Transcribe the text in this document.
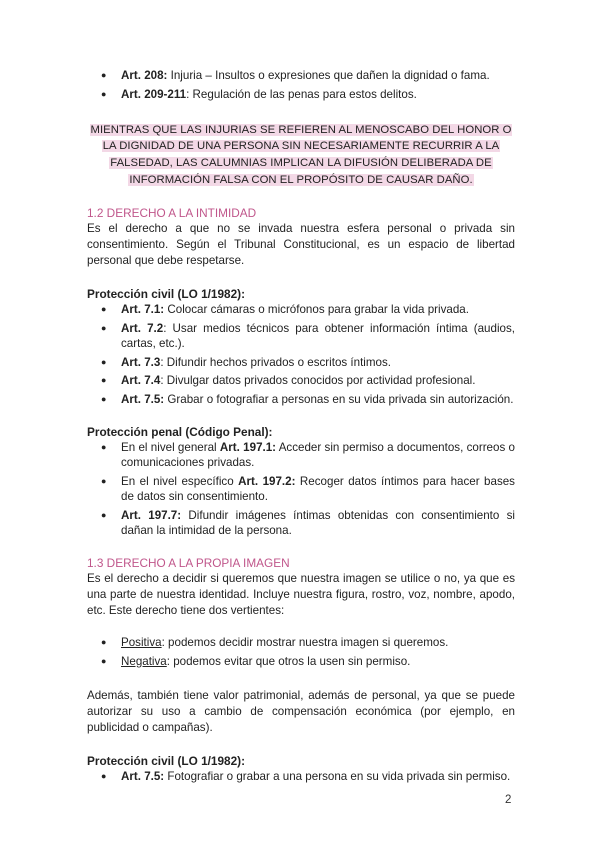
● Art. 208: Injuria – Insultos o expresiones que dañen la dignidad o fama.
● Art. 209-211: Regulación de las penas para estos delitos.
MIENTRAS QUE LAS INJURIAS SE REFIEREN AL MENOSCABO DEL HONOR O LA DIGNIDAD DE UNA PERSONA SIN NECESARIAMENTE RECURRIR A LA FALSEDAD, LAS CALUMNIAS IMPLICAN LA DIFUSIÓN DELIBERADA DE INFORMACIÓN FALSA CON EL PROPÓSITO DE CAUSAR DAÑO.
1.2 DERECHO A LA INTIMIDAD

Es el derecho a que no se invada nuestra esfera personal o privada sin consentimiento. Según el Tribunal Constitucional, es un espacio de libertad personal que debe respetarse.

Protección civil (LO 1/1982):
● Art. 7.1: Colocar cámaras o micrófonos para grabar la vida privada.
● Art. 7.2: Usar medios técnicos para obtener información íntima (audios, cartas, etc.).
● Art. 7.3: Difundir hechos privados o escritos íntimos.
● Art. 7.4: Divulgar datos privados conocidos por actividad profesional.
● Art. 7.5: Grabar o fotografiar a personas en su vida privada sin autorización.
Protección penal (Código Penal):
● En el nivel general Art. 197.1: Acceder sin permiso a documentos, correos o comunicaciones privadas.
● En el nivel específico Art. 197.2: Recoger datos íntimos para hacer bases de datos sin consentimiento.
● Art. 197.7: Difundir imágenes íntimas obtenidas con consentimiento si dañan la intimidad de la persona.
1.3 DERECHO A LA PROPIA IMAGEN

Es el derecho a decidir si queremos que nuestra imagen se utilice o no, ya que es una parte de nuestra identidad. Incluye nuestra figura, rostro, voz, nombre, apodo, etc. Este derecho tiene dos vertientes:

● Positiva: podemos decidir mostrar nuestra imagen si queremos.
● Negativa: podemos evitar que otros la usen sin permiso.

Además, también tiene valor patrimonial, además de personal, ya que se puede autorizar su uso a cambio de compensación económica (por ejemplo, en publicidad o campañas).

Protección civil (LO 1/1982):
● Art. 7.5: Fotografiar o grabar a una persona en su vida privada sin permiso.
2
